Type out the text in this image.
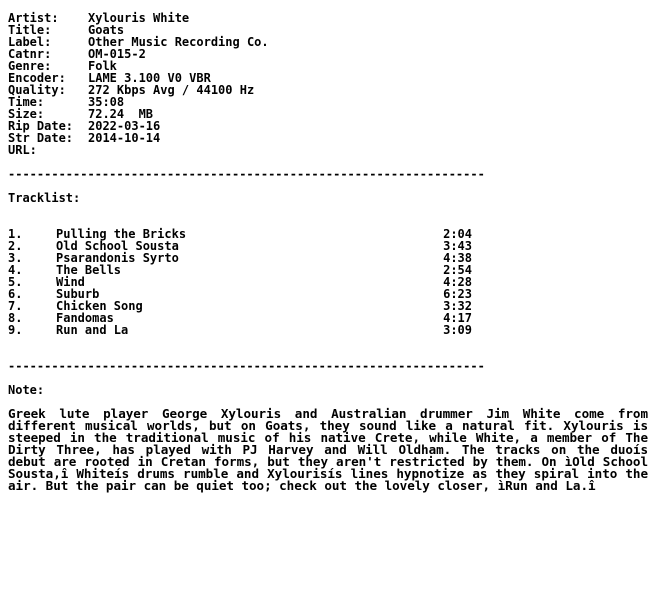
Artist: Xylouris White
Title:	Goats
Label:	Other Music Recording Co.
Catnr:	OM-015-2
Genre:	Folk
Encoder: LAME 3.100 V0 VBR
Quality: 272 Kbps Avg / 44100 Hz
Time:	35:08
Size:	72.24  MB
Rip Date: 2022-03-16
Str Date: 2014-10-14
URL:
------------------------------------------------------------------
Tracklist:
1.	Pulling the Bricks	2:04
2.	Old School Sousta	3:43
3.	Psarandonis Syrto	4:38
4.	The Bells	2:54
5.	Wind	4:28
6.	Suburb	6:23
7.	Chicken Song	3:32
8.	Fandomas	4:17
9.	Run and La	3:09
------------------------------------------------------------------
Note:
Greek lute player George Xylouris and Australian drummer Jim White come from different musical worlds, but on Goats, they sound like a natural fit. Xylouris is steeped in the traditional music of his native Crete, while White, a member of The Dirty Three, has played with PJ Harvey and Will Oldham. The tracks on the duoís debut are rooted in Cretan forms, but they aren't restricted by them. On ìOld School Sousta,î Whiteís drums rumble and Xylourisís lines hypnotize as they spiral into the air. But the pair can be quiet too; check out the lovely closer, ìRun and La.î
